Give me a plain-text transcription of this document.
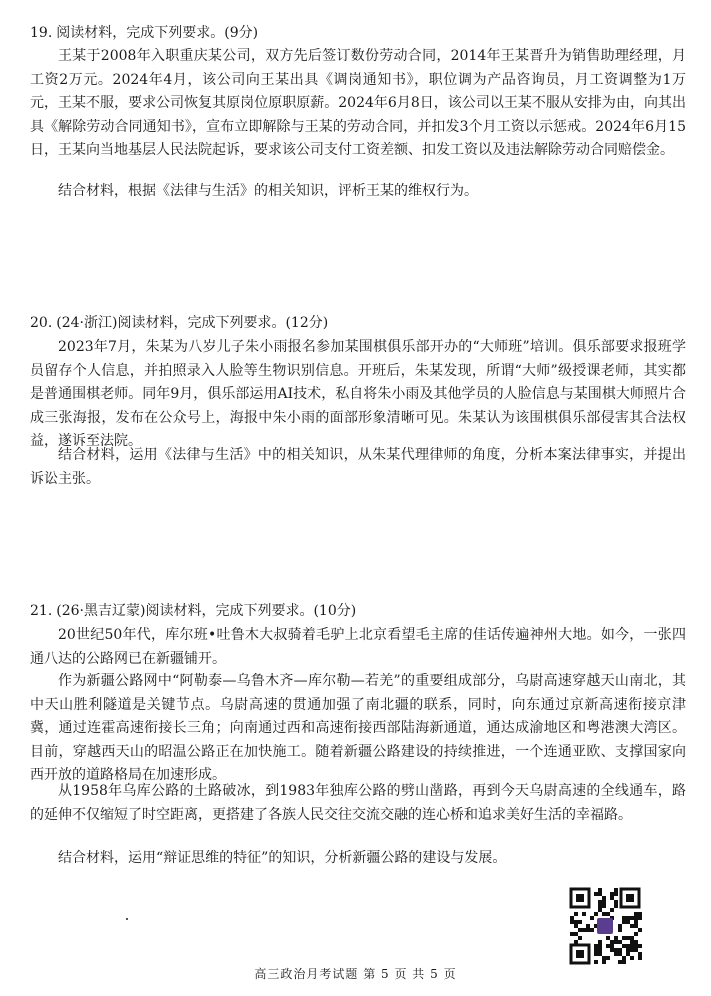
19. 阅读材料，完成下列要求。(9分)

王某于2008年入职重庆某公司，双方先后签订数份劳动合同，2014年王某晋升为销售助理经理，月工资2万元。2024年4月，该公司向王某出具《调岗通知书》，职位调为产品咨询员，月工资调整为1万元，王某不服，要求公司恢复其原岗位原职原薪。2024年6月8日，该公司以王某不服从安排为由，向其出具《解除劳动合同通知书》，宣布立即解除与王某的劳动合同，并扣发3个月工资以示惩戒。2024年6月15日，王某向当地基层人民法院起诉，要求该公司支付工资差额、扣发工资以及违法解除劳动合同赔偿金。

结合材料，根据《法律与生活》的相关知识，评析王某的维权行为。

20. (24·浙江)阅读材料，完成下列要求。(12分)

2023年7月，朱某为八岁儿子朱小雨报名参加某围棋俱乐部开办的“大师班”培训。俱乐部要求报班学员留存个人信息，并拍照录入人脸等生物识别信息。开班后，朱某发现，所谓“大师”级授课老师，其实都是普通围棋老师。同年9月，俱乐部运用AI技术，私自将朱小雨及其他学员的人脸信息与某围棋大师照片合成三张海报，发布在公众号上，海报中朱小雨的面部形象清晰可见。朱某认为该围棋俱乐部侵害其合法权益，遂诉至法院。

结合材料，运用《法律与生活》中的相关知识，从朱某代理律师的角度，分析本案法律事实，并提出诉讼主张。

21. (26·黑吉辽蒙)阅读材料，完成下列要求。(10分)

20世纪50年代，库尔班•吐鲁木大叔骑着毛驴上北京看望毛主席的佳话传遍神州大地。如今，一张四通八达的公路网已在新疆铺开。

作为新疆公路网中“阿勒泰—乌鲁木齐—库尔勒—若羌”的重要组成部分，乌尉高速穿越天山南北，其中天山胜利隧道是关键节点。乌尉高速的贯通加强了南北疆的联系，同时，向东通过京新高速衔接京津冀，通过连霍高速衔接长三角；向南通过西和高速衔接西部陆海新通道，通达成渝地区和粤港澳大湾区。目前，穿越西天山的昭温公路正在加快施工。随着新疆公路建设的持续推进，一个连通亚欧、支撑国家向西开放的道路格局在加速形成。

从1958年乌库公路的土路破冰，到1983年独库公路的劈山凿路，再到今天乌尉高速的全线通车，路的延伸不仅缩短了时空距离，更搭建了各族人民交往交流交融的连心桥和追求美好生活的幸福路。

结合材料，运用“辩证思维的特征”的知识，分析新疆公路的建设与发展。

高三政治月考试题 第 5 页 共 5 页
